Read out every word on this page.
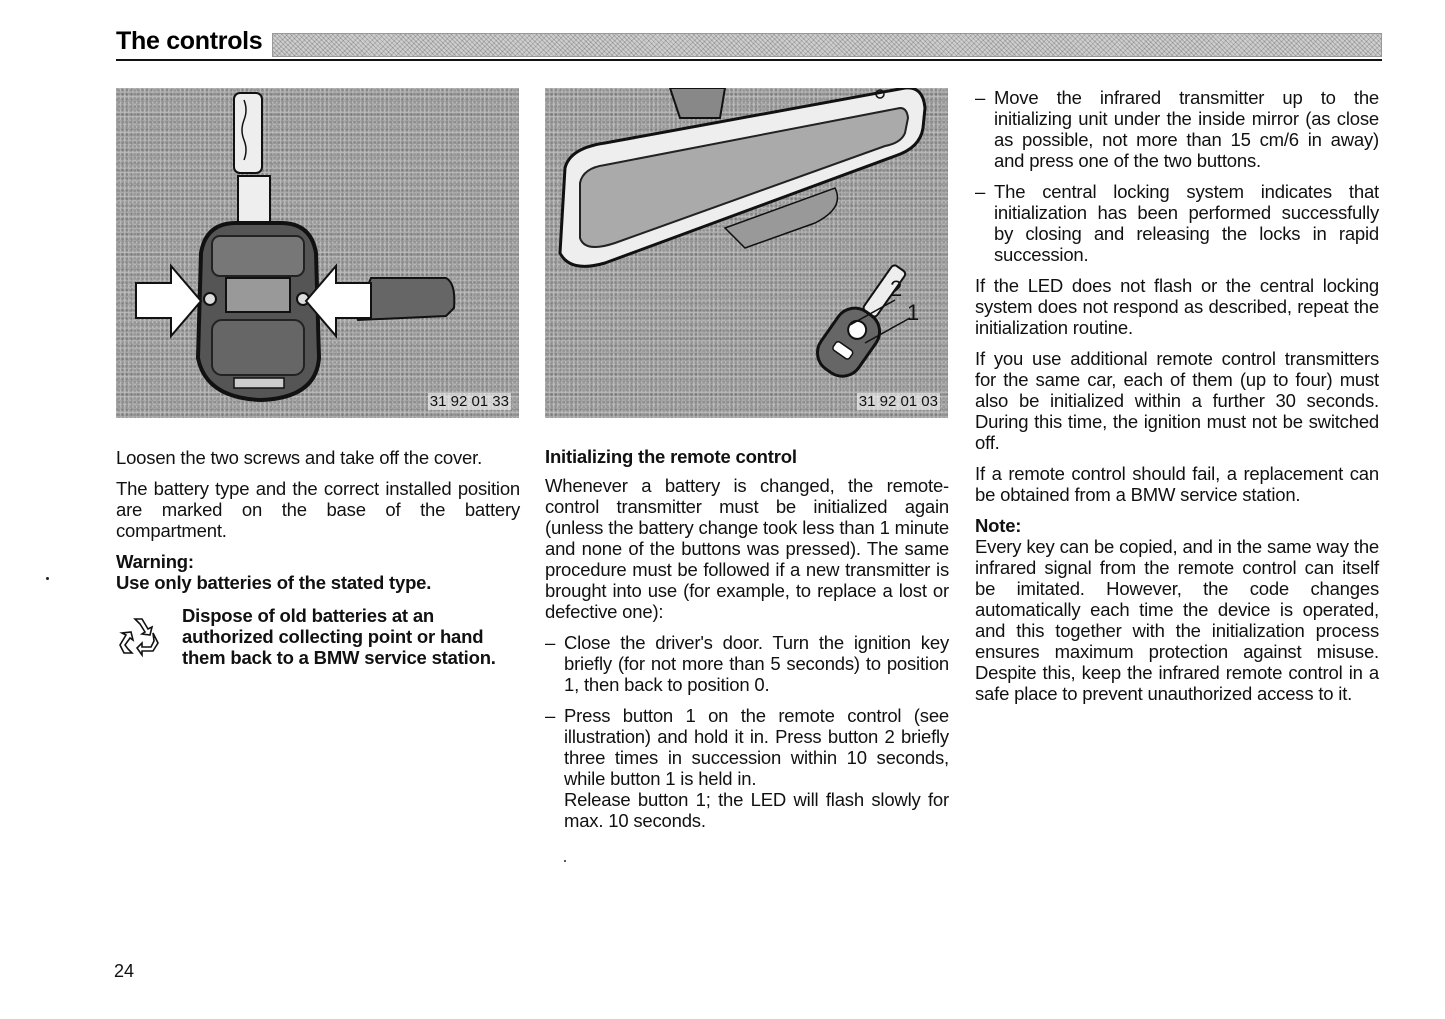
The controls
31 92 01 33
2
1
31 92 01 03

Loosen the two screws and take off the cover.

The battery type and the correct installed position are marked on the base of the battery compartment.

Warning:
Use only batteries of the stated type.
Dispose of old batteries at an authorized collecting point or hand them back to a BMW service station.

Initializing the remote control

Whenever a battery is changed, the remote-control transmitter must be initialized again (unless the battery change took less than 1 minute and none of the buttons was pressed). The same procedure must be followed if a new transmitter is brought into use (for example, to replace a lost or defective one):

– Close the driver's door. Turn the ignition key briefly (for not more than 5 seconds) to position 1, then back to position 0.
– Press button 1 on the remote control (see illustration) and hold it in. Press button 2 briefly three times in succession within 10 seconds, while button 1 is held in.
Release button 1; the LED will flash slowly for max. 10 seconds.
– Move the infrared transmitter up to the initializing unit under the inside mirror (as close as possible, not more than 15 cm/6 in away) and press one of the two buttons.
– The central locking system indicates that initialization has been performed successfully by closing and releasing the locks in rapid succession.

If the LED does not flash or the central locking system does not respond as described, repeat the initialization routine.

If you use additional remote control transmitters for the same car, each of them (up to four) must also be initialized within a further 30 seconds. During this time, the ignition must not be switched off.

If a remote control should fail, a replacement can be obtained from a BMW service station.

Note:

Every key can be copied, and in the same way the infrared signal from the remote control can itself be imitated. However, the code changes automatically each time the device is operated, and this together with the initialization process ensures maximum protection against misuse. Despite this, keep the infrared remote control in a safe place to prevent unauthorized access to it.

24
